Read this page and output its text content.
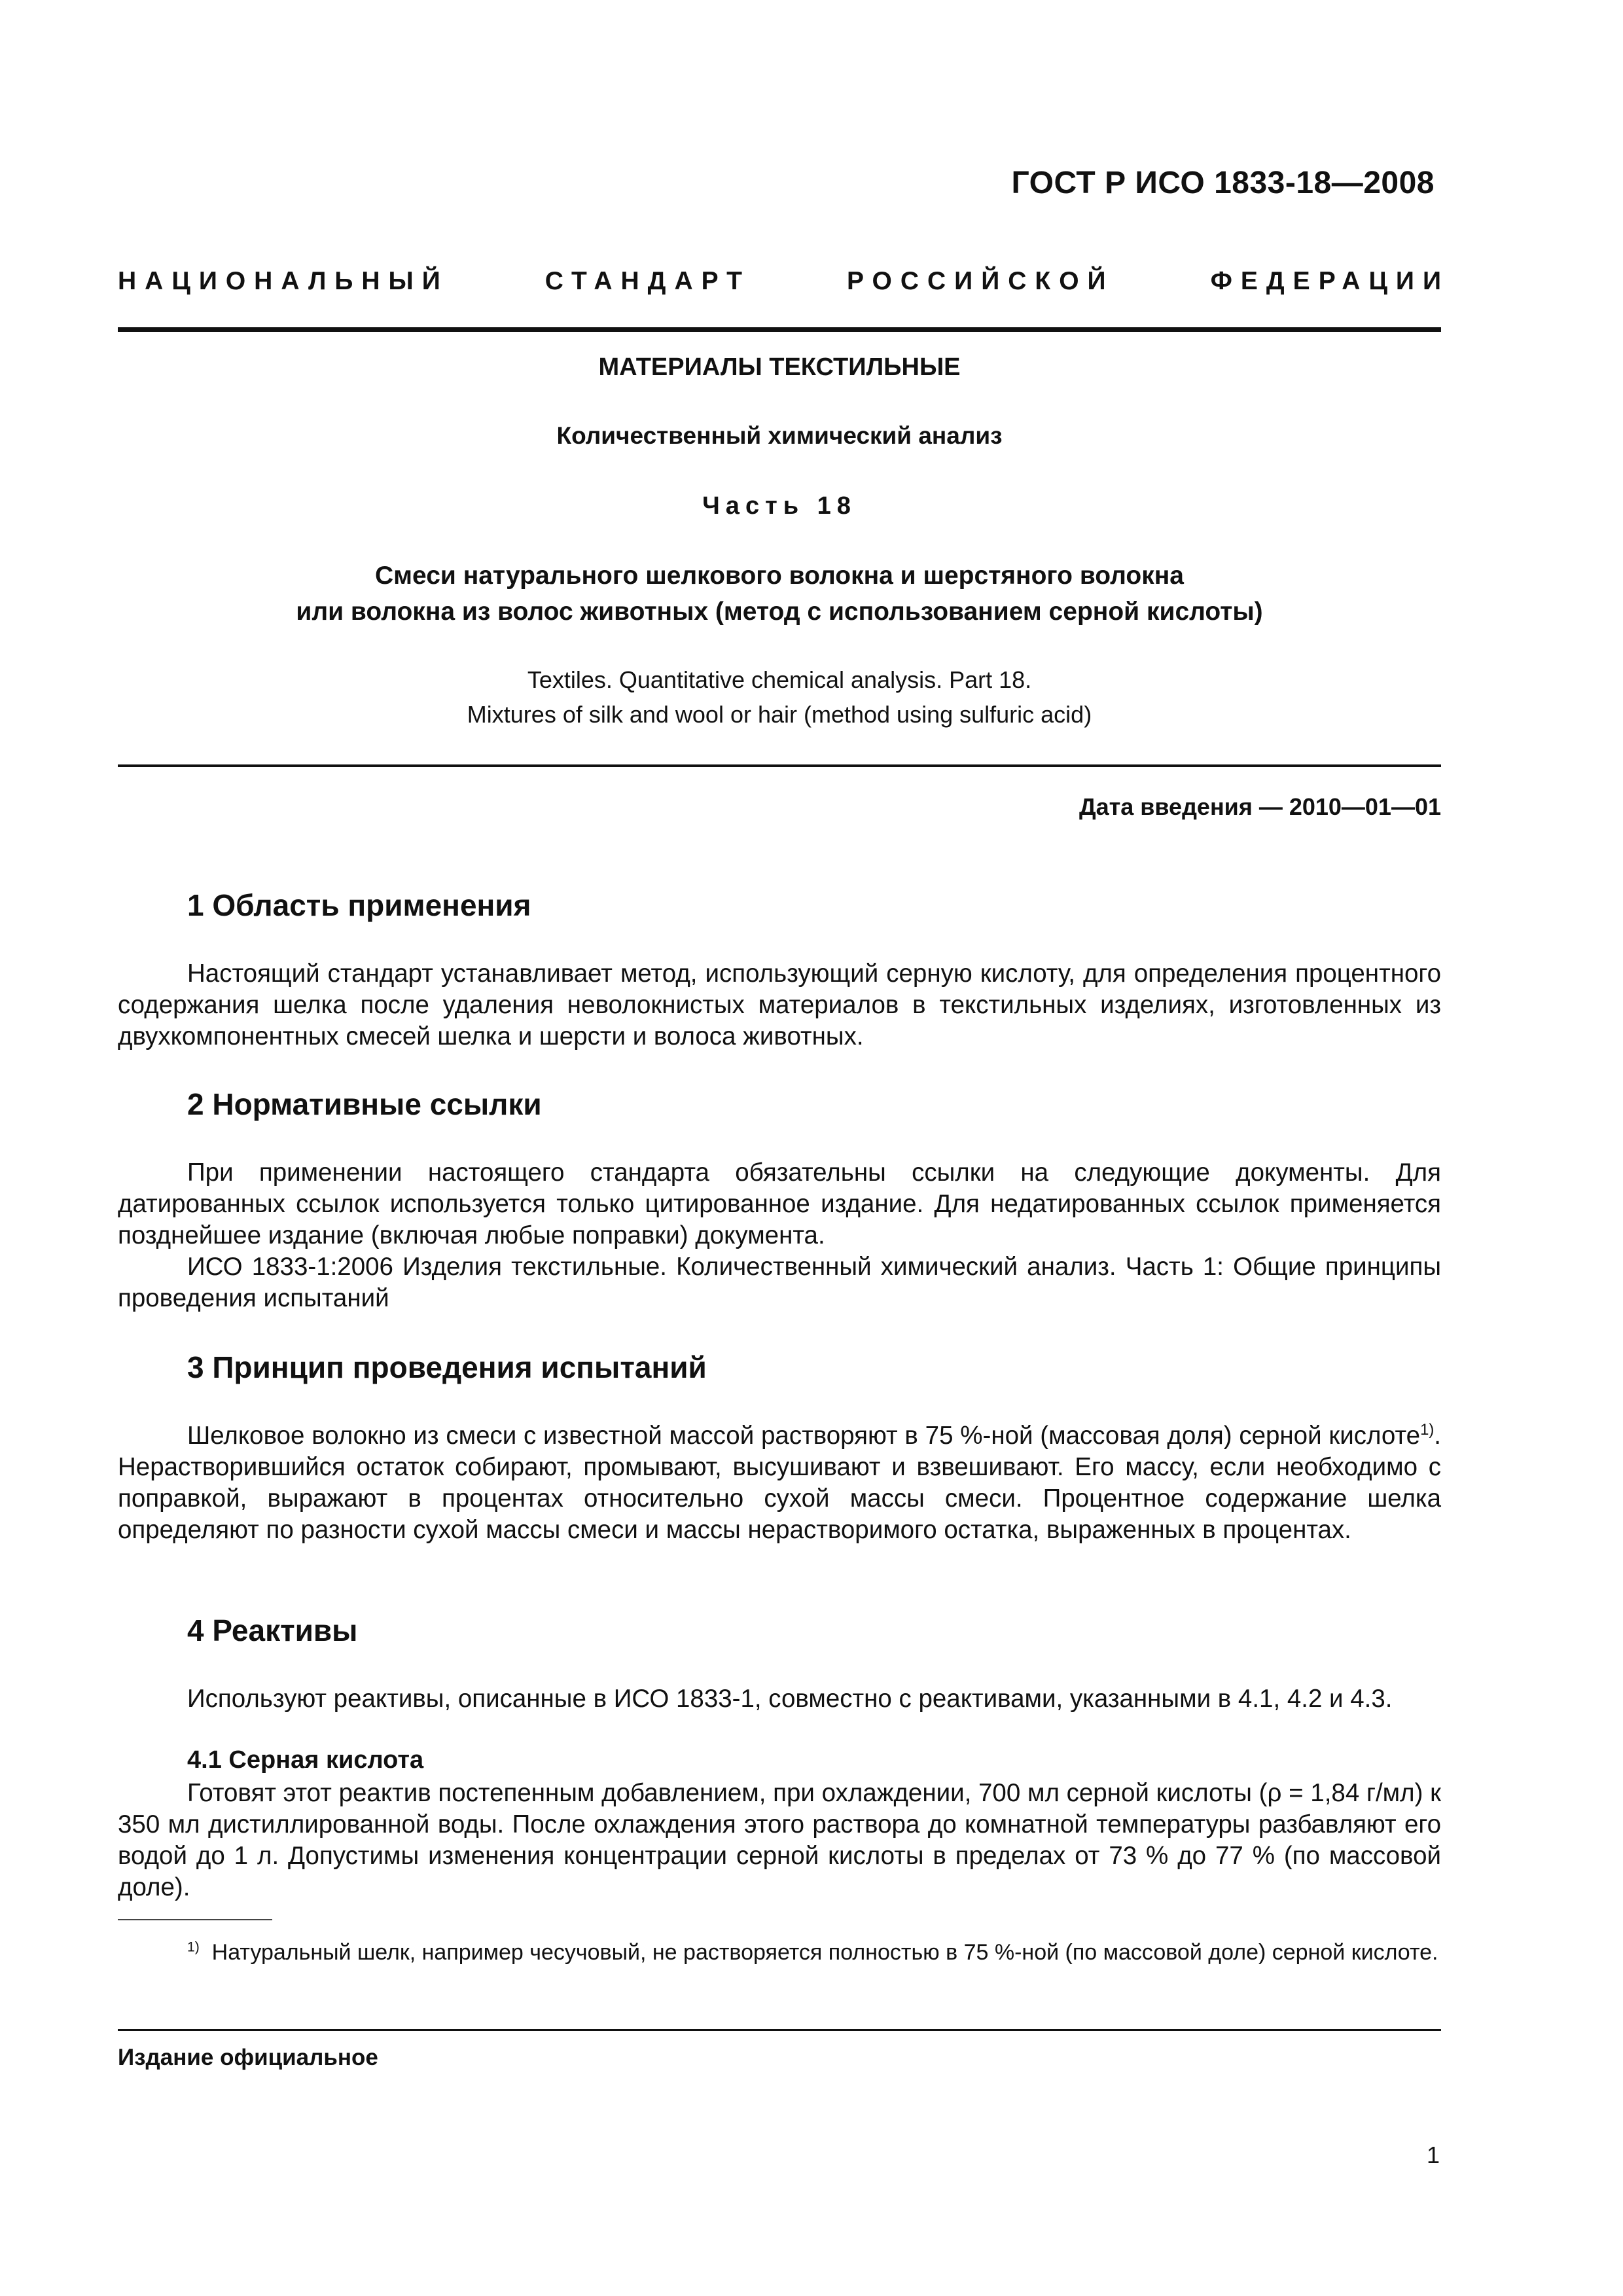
ГОСТ Р ИСО 1833-18—2008
НАЦИОНАЛЬНЫЙ	СТАНДАРТ	РОССИЙСКОЙ	ФЕДЕРАЦИИ
МАТЕРИАЛЫ ТЕКСТИЛЬНЫЕ
Количественный химический анализ
Часть 18
Смеси натурального шелкового волокна и шерстяного волокна
или волокна из волос животных (метод с использованием серной кислоты)
Textiles. Quantitative chemical analysis. Part 18.
Mixtures of silk and wool or hair (method using sulfuric acid)
Дата введения — 2010—01—01
1 Область применения

Настоящий стандарт устанавливает метод, использующий серную кислоту, для определения процентного содержания шелка после удаления неволокнистых материалов в текстильных изделиях, изготовленных из двухкомпонентных смесей шелка и шерсти и волоса животных.

2 Нормативные ссылки

При применении настоящего стандарта обязательны ссылки на следующие документы. Для датированных ссылок используется только цитированное издание. Для недатированных ссылок применяется позднейшее издание (включая любые поправки) документа.

ИСО 1833-1:2006 Изделия текстильные. Количественный химический анализ. Часть 1: Общие принципы проведения испытаний

3 Принцип проведения испытаний

Шелковое волокно из смеси с известной массой растворяют в 75 %-ной (массовая доля) серной кислоте$^{1)}$. Нерастворившийся остаток собирают, промывают, высушивают и взвешивают. Его массу, если необходимо с поправкой, выражают в процентах относительно сухой массы смеси. Процентное содержание шелка определяют по разности сухой массы смеси и массы нерастворимого остатка, выраженных в процентах.

4 Реактивы

Используют реактивы, описанные в ИСО 1833-1, совместно с реактивами, указанными в 4.1, 4.2 и 4.3.

4.1 Серная кислота

Готовят этот реактив постепенным добавлением, при охлаждении, 700 мл серной кислоты (ρ = 1,84 г/мл) к 350 мл дистиллированной воды. После охлаждения этого раствора до комнатной температуры разбавляют его водой до 1 л. Допустимы изменения концентрации серной кислоты в пределах от 73 % до 77 % (по массовой доле).

$^{1)}$ Натуральный шелк, например чесучовый, не растворяется полностью в 75 %-ной (по массовой доле) серной кислоте.

Издание официальное
1
